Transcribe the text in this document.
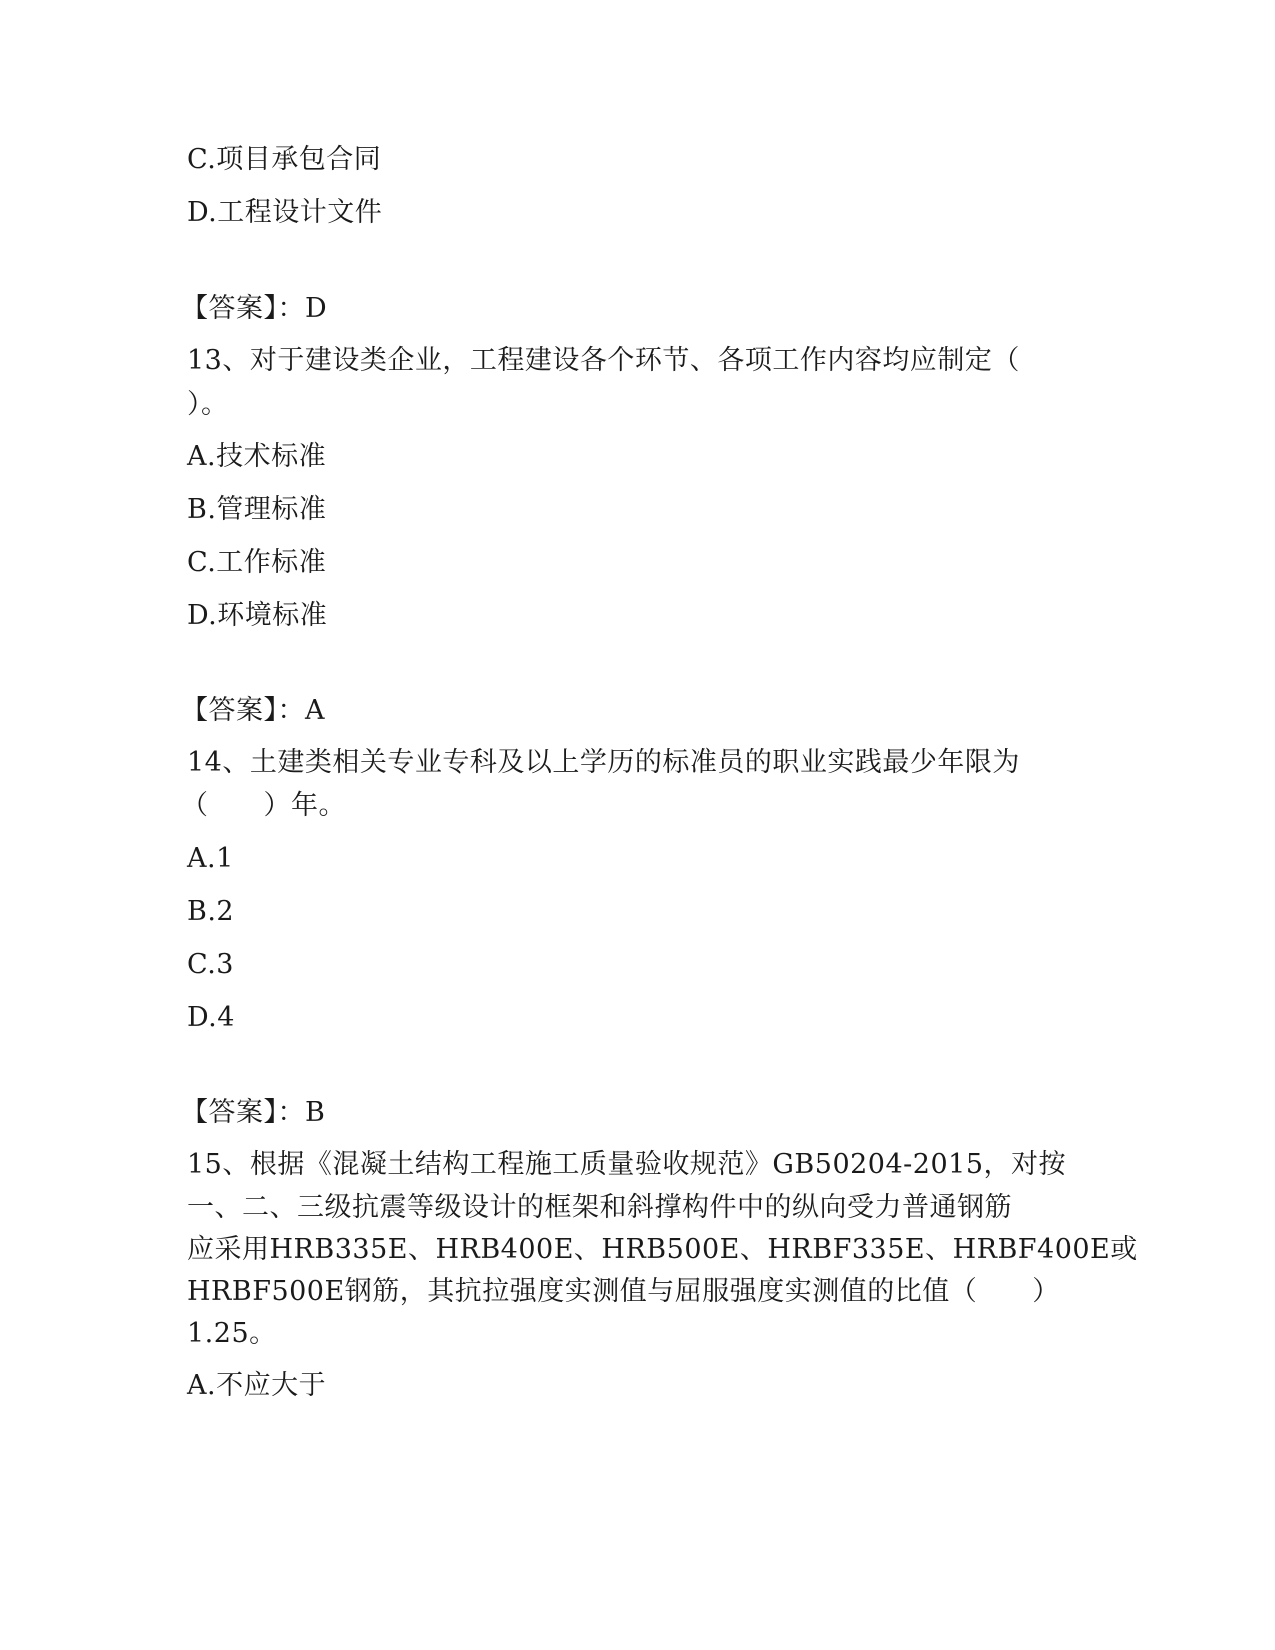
C.项目承包合同
D.工程设计文件
【答案】：D
13、对于建设类企业，工程建设各个环节、各项工作内容均应制定（
）。
A.技术标准
B.管理标准
C.工作标准
D.环境标准
【答案】：A
14、土建类相关专业专科及以上学历的标准员的职业实践最少年限为
（　　）年。
A.1
B.2
C.3
D.4
【答案】：B
15、根据《混凝土结构工程施工质量验收规范》GB50204-2015，对按
一、二、三级抗震等级设计的框架和斜撑构件中的纵向受力普通钢筋
应采用HRB335E、HRB400E、HRB500E、HRBF335E、HRBF400E或
HRBF500E钢筋，其抗拉强度实测值与屈服强度实测值的比值（　　）
1.25。
A.不应大于
